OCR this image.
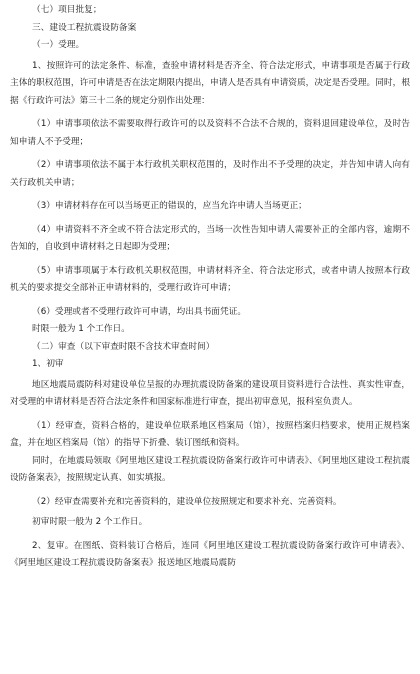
（七）项目批复；

三、建设工程抗震设防备案

（一）受理。

1、按照许可的法定条件、标准，查验申请材料是否齐全、符合法定形式，申请事项是否属于行政主体的职权范围，许可申请是否在法定期限内提出，申请人是否具有申请资质，决定是否受理。同时，根据《行政许可法》第三十二条的规定分别作出处理：

（1）申请事项依法不需要取得行政许可的以及资料不合法不合规的，资料退回建设单位，及时告知申请人不予受理；

（2）申请事项依法不属于本行政机关职权范围的，及时作出不予受理的决定，并告知申请人向有关行政机关申请；

（3）申请材料存在可以当场更正的错误的，应当允许申请人当场更正；

（4）申请资料不齐全或不符合法定形式的，当场一次性告知申请人需要补正的全部内容，逾期不告知的，自收到申请材料之日起即为受理；

（5）申请事项属于本行政机关职权范围，申请材料齐全、符合法定形式，或者申请人按照本行政机关的要求提交全部补正申请材料的，受理行政许可申请；

（6）受理或者不受理行政许可申请，均出具书面凭证。

时限一般为 1 个工作日。

（二）审查（以下审查时限不含技术审查时间）

1、初审

地区地震局震防科对建设单位呈报的办理抗震设防备案的建设项目资料进行合法性、真实性审查，对受理的申请材料是否符合法定条件和国家标准进行审查，提出初审意见，报科室负责人。

（1）经审查，资料合格的，建设单位联系地区档案局（馆），按照档案归档要求，使用正规档案盒，并在地区档案局（馆）的指导下折叠、装订图纸和资料。

同时，在地震局领取《阿里地区建设工程抗震设防备案行政许可申请表》、《阿里地区建设工程抗震设防备案表》，按照规定认真、如实填报。

（2）经审查需要补充和完善资料的，建设单位按照规定和要求补充、完善资料。

初审时限一般为 2 个工作日。

2、复审。在图纸、资料装订合格后，连同《阿里地区建设工程抗震设防备案行政许可申请表》、《阿里地区建设工程抗震设防备案表》报送地区地震局震防
